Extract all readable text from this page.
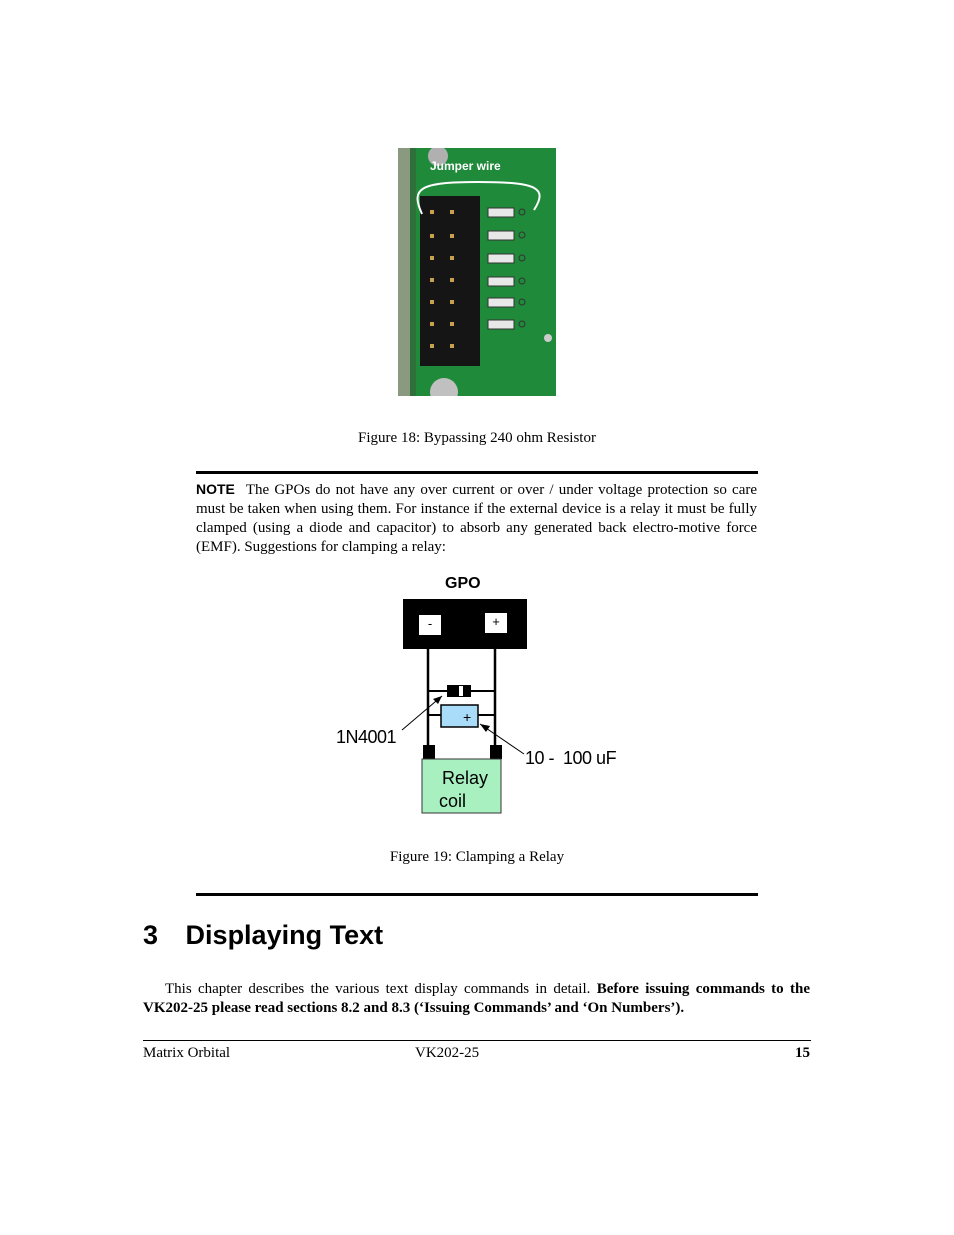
Jumper wire
Figure 18: Bypassing 240 ohm Resistor
NOTE The GPOs do not have any over current or over / under voltage protection so care must be taken when using them. For instance if the external device is a relay it must be fully clamped (using a diode and capacitor) to absorb any generated back electro-motive force (EMF). Suggestions for clamping a relay:
GPO
-	+
+
1N4001
10 -  100 uF
Relay
coil
Figure 19: Clamping a Relay
3 Displaying Text
This chapter describes the various text display commands in detail. Before issuing commands to the VK202-25 please read sections 8.2 and 8.3 (‘Issuing Commands’ and ‘On Numbers’).
Matrix Orbital	VK202-25	15
